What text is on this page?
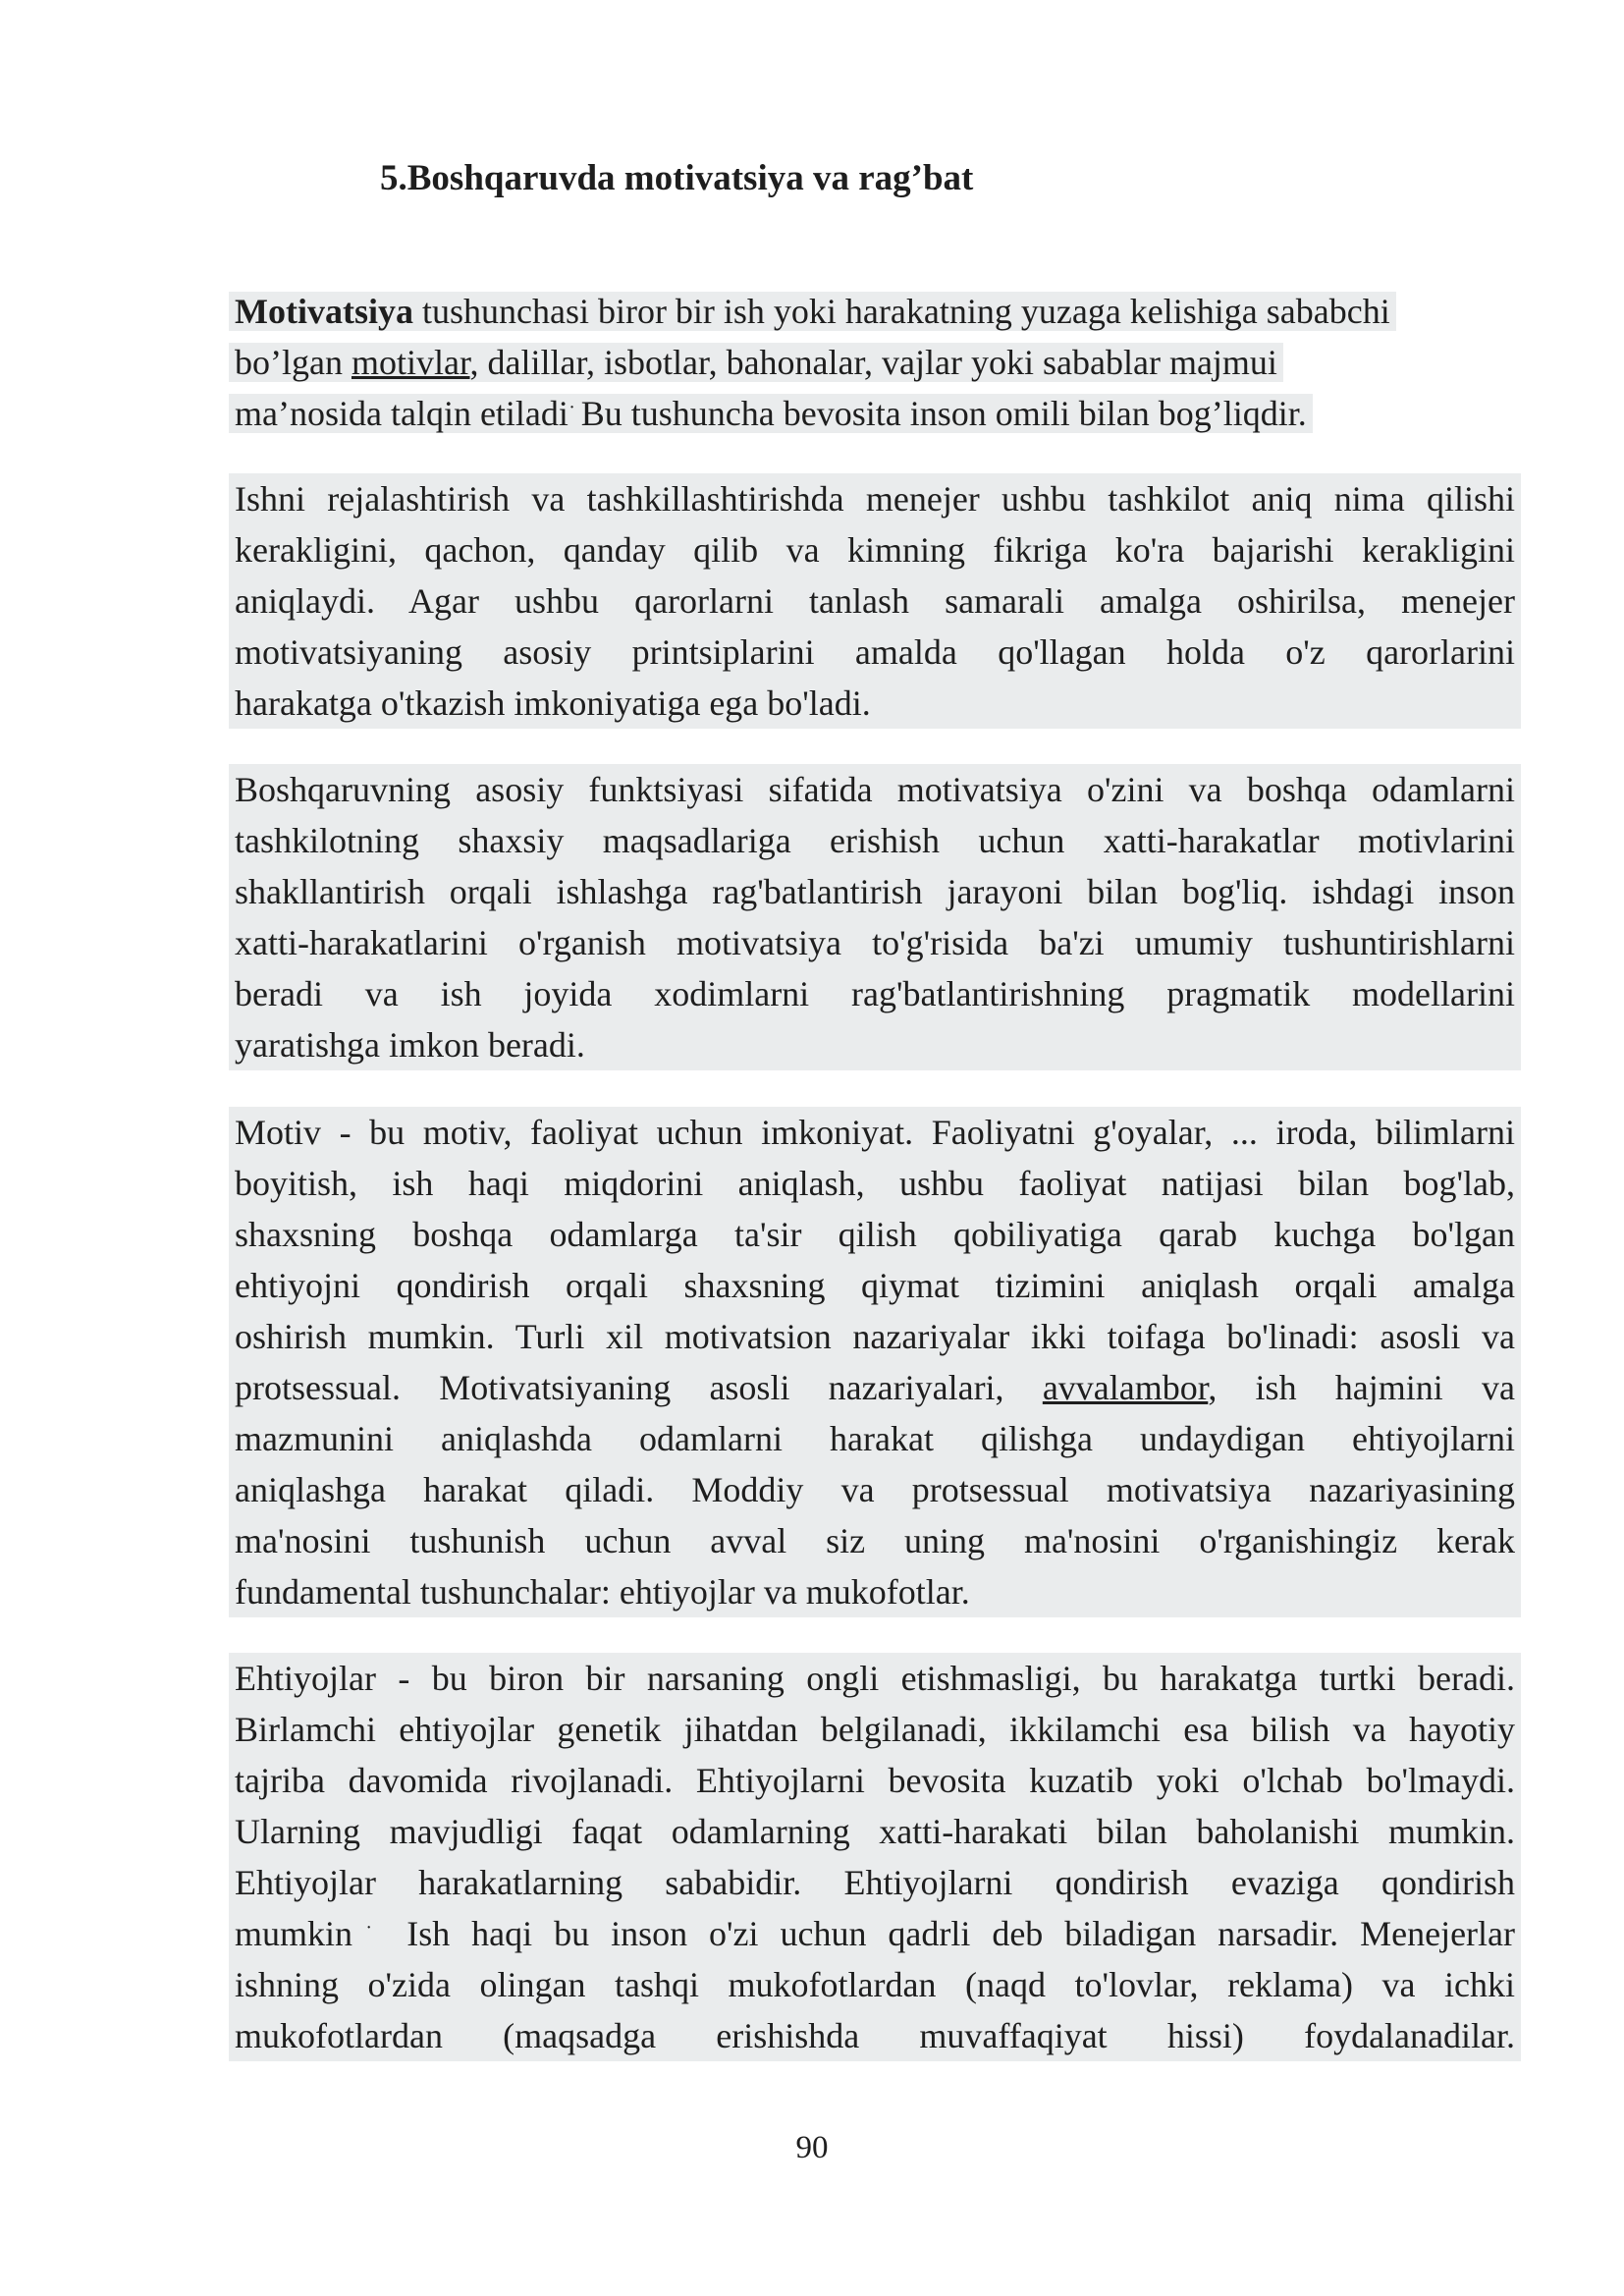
5.Boshqaruvda motivatsiya va rag’bat
Motivatsiya tushunchasi biror bir ish yoki harakatning yuzaga kelishiga sababchi
bo’lgan motivlar, dalillar, isbotlar, bahonalar, vajlar yoki sabablar majmui
ma’nosida talqin etiladi˙ Bu tushuncha bevosita inson omili bilan bog’liqdir.
Ishni rejalashtirish va tashkillashtirishda menejer ushbu tashkilot aniq nima qilishi
kerakligini, qachon, qanday qilib va kimning fikriga ko'ra bajarishi kerakligini
aniqlaydi. Agar ushbu qarorlarni tanlash samarali amalga oshirilsa, menejer
motivatsiyaning asosiy printsiplarini amalda qo'llagan holda o'z qarorlarini
harakatga o'tkazish imkoniyatiga ega bo'ladi.
Boshqaruvning asosiy funktsiyasi sifatida motivatsiya o'zini va boshqa odamlarni
tashkilotning shaxsiy maqsadlariga erishish uchun xatti-harakatlar motivlarini
shakllantirish orqali ishlashga rag'batlantirish jarayoni bilan bog'liq. ishdagi inson
xatti-harakatlarini o'rganish motivatsiya to'g'risida ba'zi umumiy tushuntirishlarni
beradi va ish joyida xodimlarni rag'batlantirishning pragmatik modellarini
yaratishga imkon beradi.
Motiv - bu motiv, faoliyat uchun imkoniyat. Faoliyatni g'oyalar, ... iroda, bilimlarni
boyitish, ish haqi miqdorini aniqlash, ushbu faoliyat natijasi bilan bog'lab,
shaxsning boshqa odamlarga ta'sir qilish qobiliyatiga qarab kuchga bo'lgan
ehtiyojni qondirish orqali shaxsning qiymat tizimini aniqlash orqali amalga
oshirish mumkin. Turli xil motivatsion nazariyalar ikki toifaga bo'linadi: asosli va
protsessual. Motivatsiyaning asosli nazariyalari, avvalambor, ish hajmini va
mazmunini aniqlashda odamlarni harakat qilishga undaydigan ehtiyojlarni
aniqlashga harakat qiladi. Moddiy va protsessual motivatsiya nazariyasining
ma'nosini tushunish uchun avval siz uning ma'nosini o'rganishingiz kerak
fundamental tushunchalar: ehtiyojlar va mukofotlar.
Ehtiyojlar - bu biron bir narsaning ongli etishmasligi, bu harakatga turtki beradi.
Birlamchi ehtiyojlar genetik jihatdan belgilanadi, ikkilamchi esa bilish va hayotiy
tajriba davomida rivojlanadi. Ehtiyojlarni bevosita kuzatib yoki o'lchab bo'lmaydi.
Ularning mavjudligi faqat odamlarning xatti-harakati bilan baholanishi mumkin.
Ehtiyojlar harakatlarning sababidir. Ehtiyojlarni qondirish evaziga qondirish
mumkin˙ Ish haqi bu inson o'zi uchun qadrli deb biladigan narsadir. Menejerlar
ishning o'zida olingan tashqi mukofotlardan (naqd to'lovlar, reklama) va ichki
mukofotlardan (maqsadga erishishda muvaffaqiyat hissi) foydalanadilar.

90
